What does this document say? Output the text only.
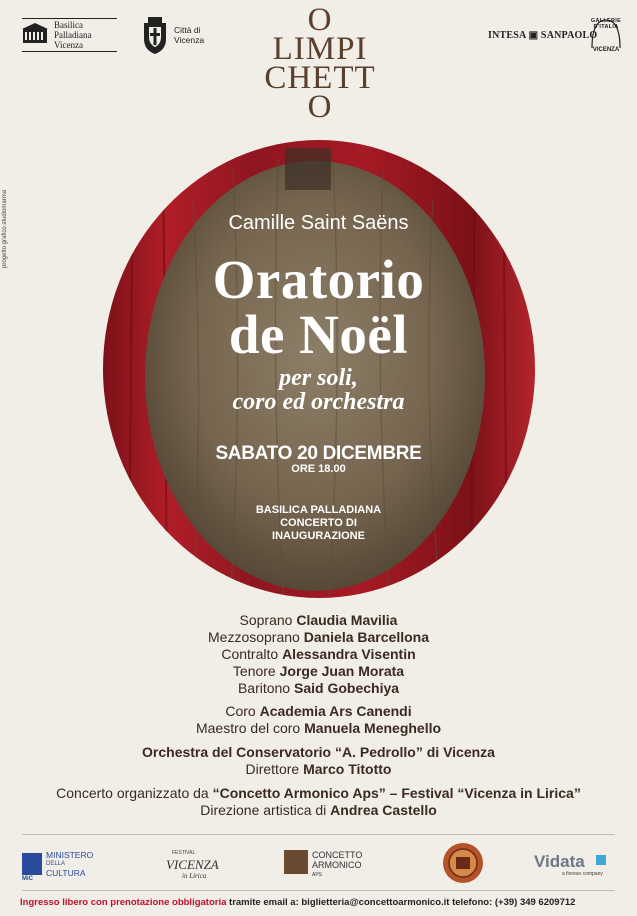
Basilica
Palladiana
Vicenza
Città di
Vicenza
O
LIMPI
CHETT
O
INTESA ▣ SANPAOLO
GALLERIE D'ITALIA
VICENZA
progetto grafico studiomarma	Camille Saint Saëns
Oratorio
de Noël
per soli,
coro ed orchestra
SABATO 20 DICEMBRE
ORE 18.00
BASILICA PALLADIANA
CONCERTO DI
INAUGURAZIONE
Soprano Claudia Mavilia
Mezzosoprano Daniela Barcellona
Contralto Alessandra Visentin
Tenore Jorge Juan Morata
Baritono Said Gobechiya
Coro Academia Ars Canendi
Maestro del coro Manuela Meneghello
Orchestra del Conservatorio “A. Pedrollo” di Vicenza
Direttore Marco Titotto
Concerto organizzato da “Concetto Armonico Aps” – Festival “Vicenza in Lirica”
Direzione artistica di Andrea Castello
MiC
MINISTERO
DELLA
CULTURA
FESTIVAL
VICENZA
in Lirica
CONCETTO
ARMONICO
APS
Vidata
a fiorese company
Ingresso libero con prenotazione obbligatoria tramite email a: biglietteria@concettoarmonico.it telefono: (+39) 349 6209712
